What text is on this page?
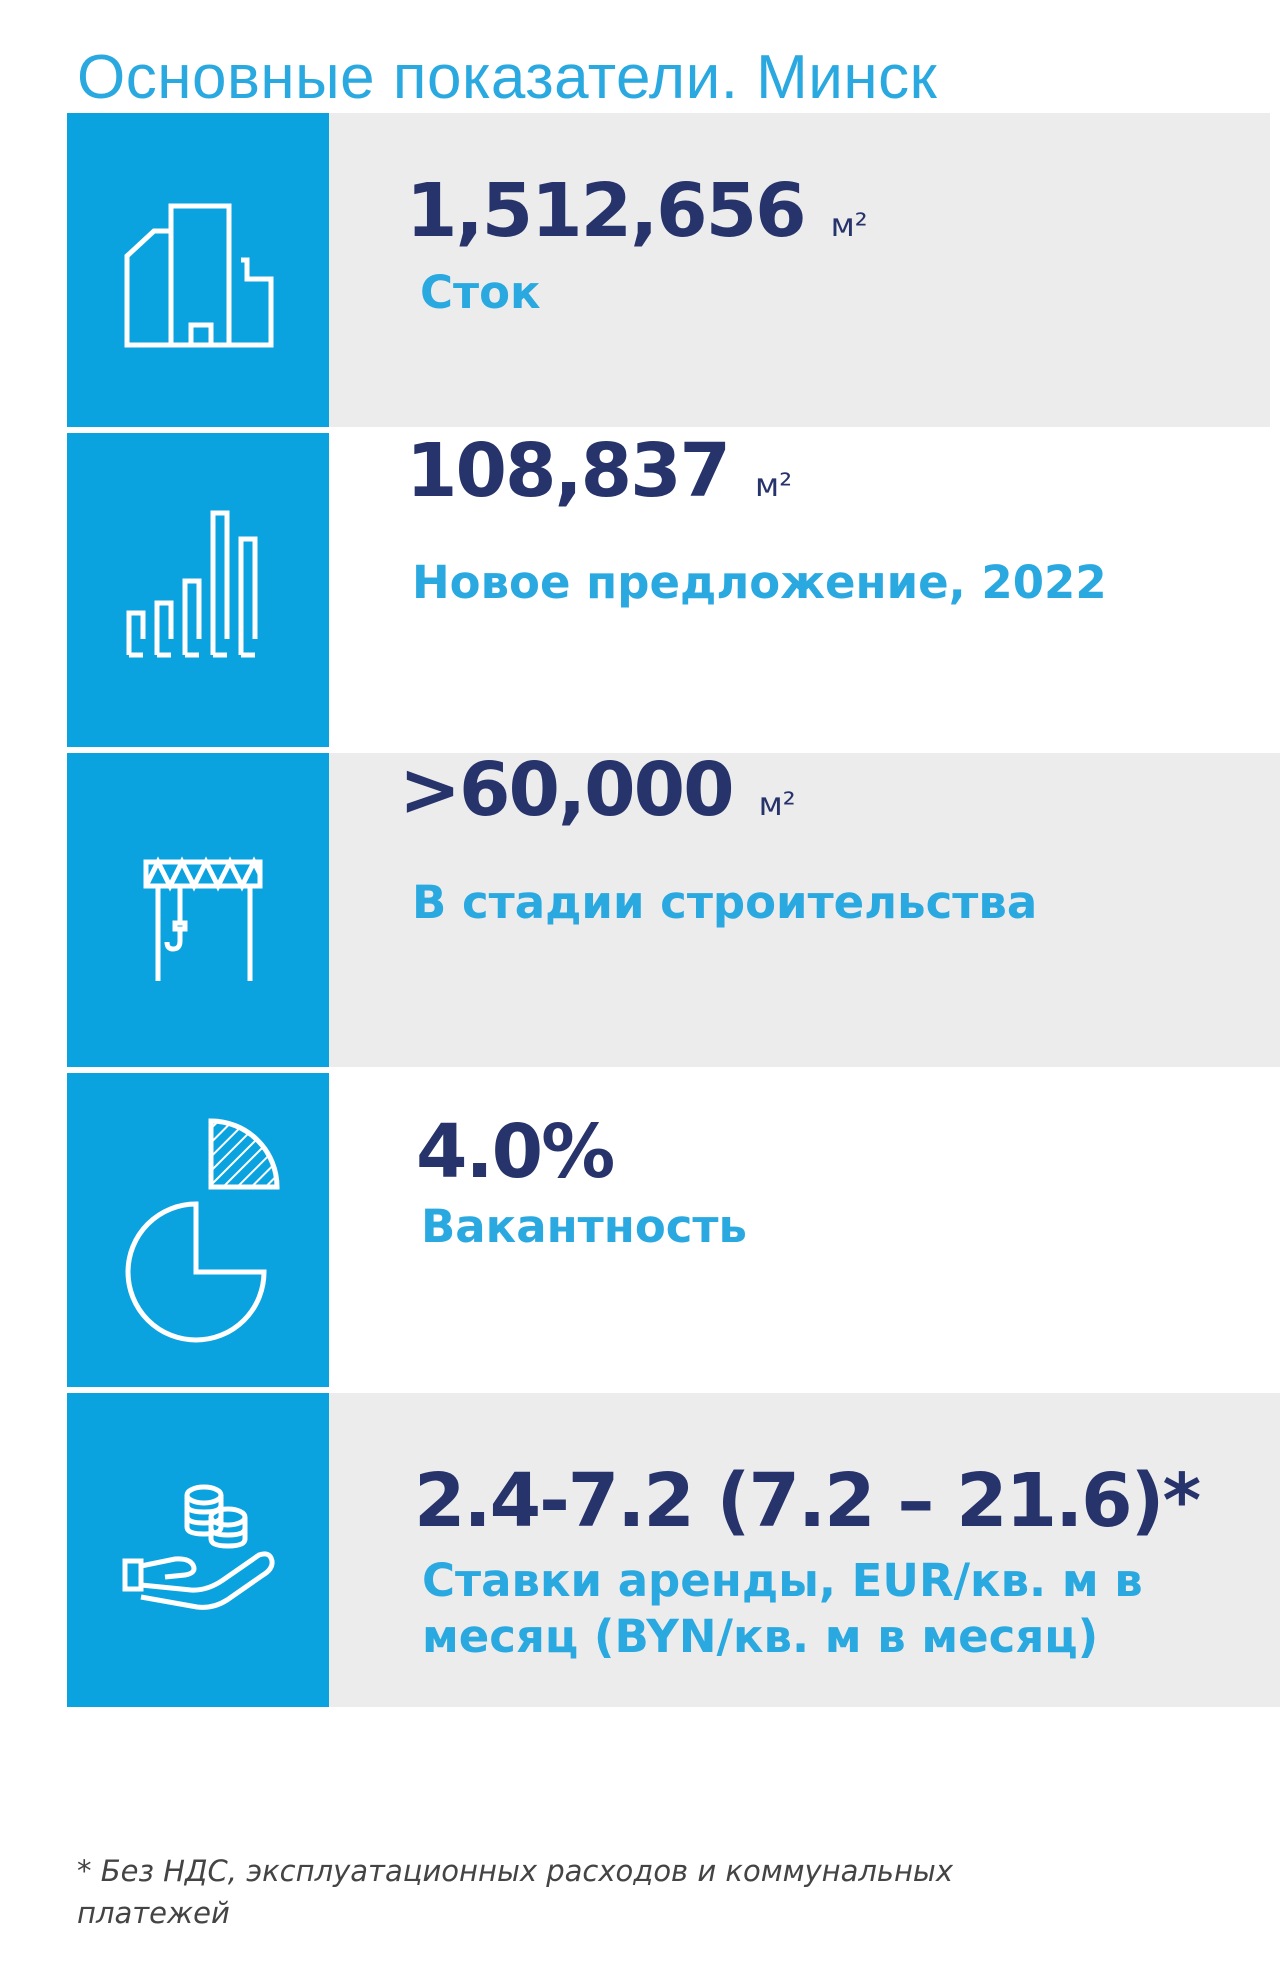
Основные показатели. Минск
1,512,656 м²
Сток
108,837 м²
Новое предложение, 2022
>60,000 м²
В стадии строительства
4.0%
Вакантность
2.4-7.2 (7.2 – 21.6)*
Ставки аренды, EUR/кв. м в
месяц (BYN/кв. м в месяц)
* Без НДС, эксплуатационных расходов и коммунальных
платежей
